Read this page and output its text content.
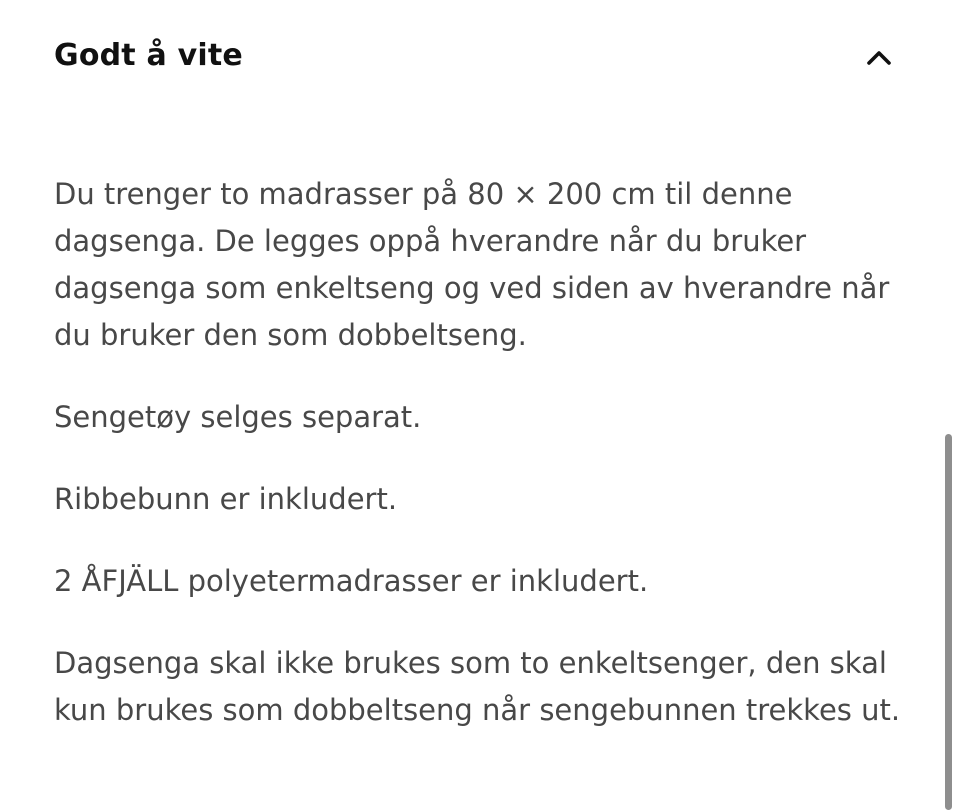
Godt å vite

Du trenger to madrasser på 80 × 200 cm til denne dagsenga. De legges oppå hverandre når du bruker dagsenga som enkeltseng og ved siden av hverandre når du bruker den som dobbeltseng.

Sengetøy selges separat.

Ribbebunn er inkludert.

2 ÅFJÄLL polyetermadrasser er inkludert.

Dagsenga skal ikke brukes som to enkeltsenger, den skal kun brukes som dobbeltseng når sengebunnen trekkes ut.
